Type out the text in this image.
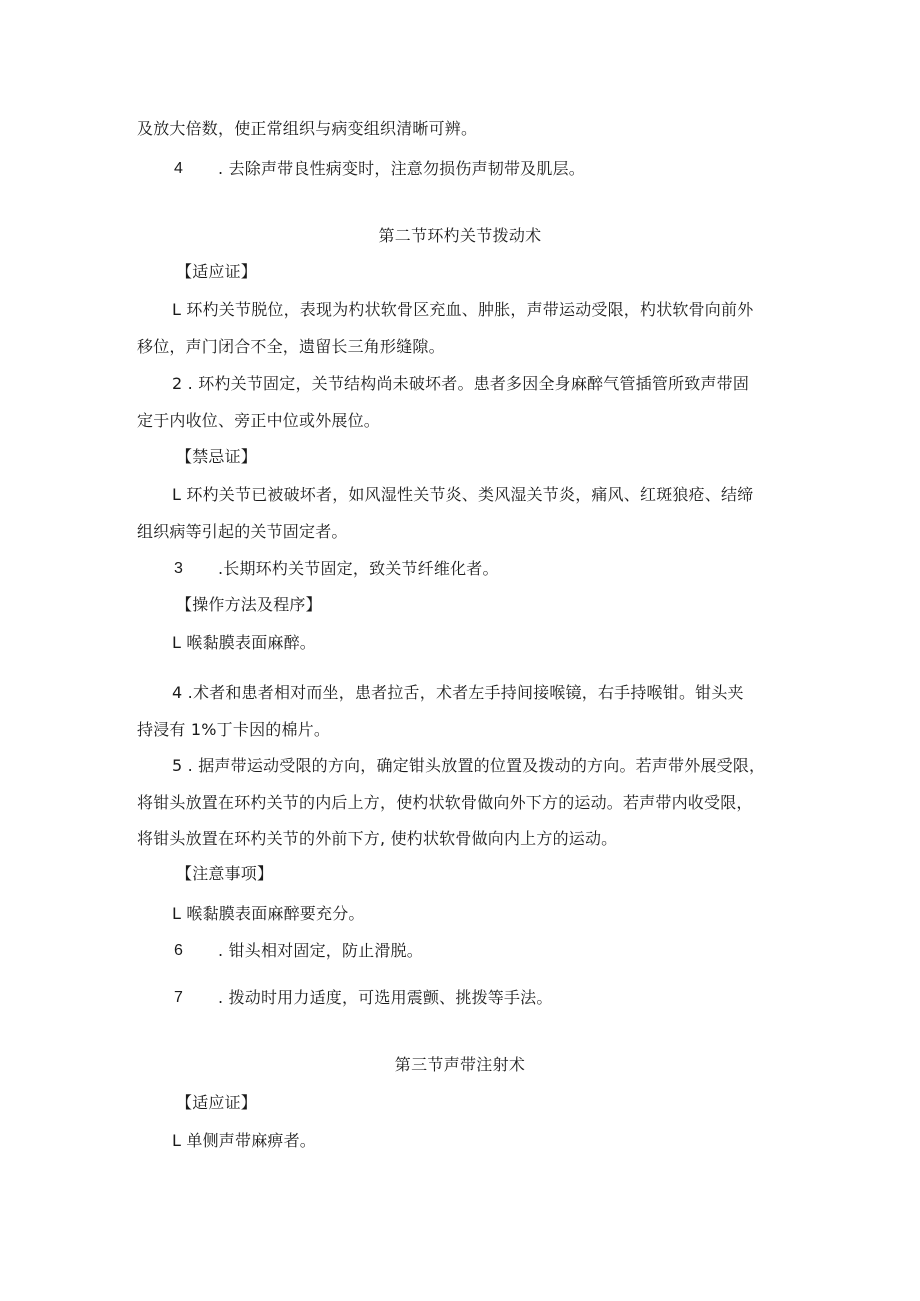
及放大倍数，使正常组织与病变组织清晰可辨。
4 . 去除声带良性病变时，注意勿损伤声韧带及肌层。
第二节环杓关节拨动术
【适应证】
L 环杓关节脱位，表现为杓状软骨区充血、肿胀，声带运动受限，杓状软骨向前外
移位，声门闭合不全，遗留长三角形缝隙。
2 . 环杓关节固定，关节结构尚未破坏者。患者多因全身麻醉气管插管所致声带固
定于内收位、旁正中位或外展位。
【禁忌证】
L 环杓关节已被破坏者，如风湿性关节炎、类风湿关节炎，痛风、红斑狼疮、结缔
组织病等引起的关节固定者。
3 .长期环杓关节固定，致关节纤维化者。
【操作方法及程序】
L 喉黏膜表面麻醉。
4 .术者和患者相对而坐，患者拉舌，术者左手持间接喉镜，右手持喉钳。钳头夹
持浸有 1%丁卡因的棉片。
5 . 据声带运动受限的方向，确定钳头放置的位置及拨动的方向。若声带外展受限，
将钳头放置在环杓关节的内后上方，使杓状软骨做向外下方的运动。若声带内收受限，
将钳头放置在环杓关节的外前下方, 使杓状软骨做向内上方的运动。
【注意事项】
L 喉黏膜表面麻醉要充分。
6 . 钳头相对固定，防止滑脱。
7 . 拨动时用力适度，可选用震颤、挑拨等手法。
第三节声带注射术
【适应证】
L 单侧声带麻痹者。
